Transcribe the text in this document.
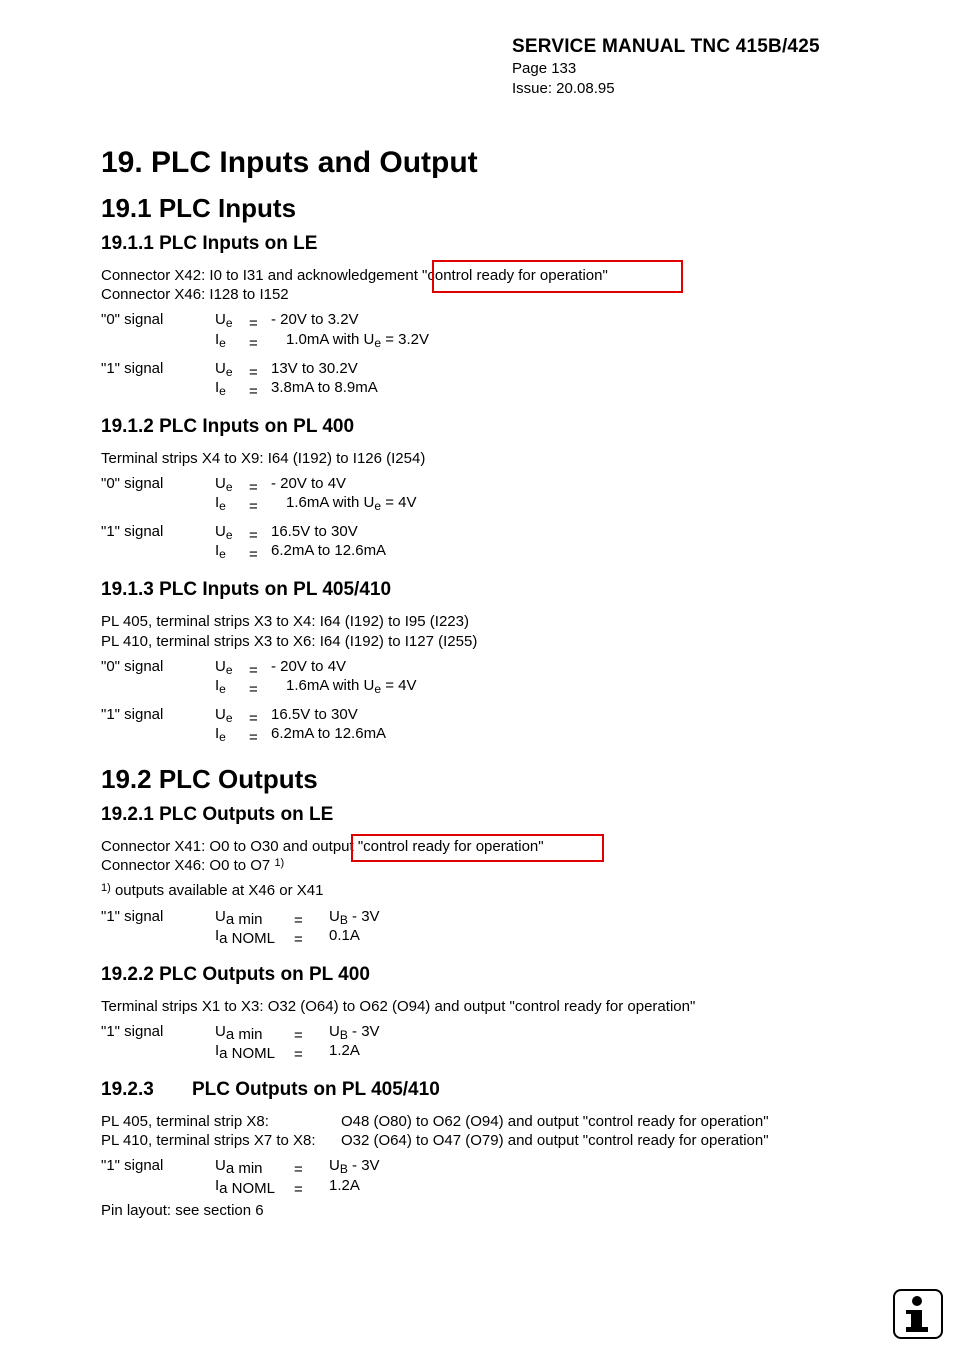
SERVICE MANUAL TNC 415B/425
Page 133
Issue: 20.08.95
19. PLC Inputs and Output
19.1 PLC Inputs
19.1.1 PLC Inputs on LE
Connector X42: I0 to I31 and acknowledgement "control ready for operation"
Connector X46: I128 to I152
"0" signal	$U_e$ = - 20V to 3.2V
$I_e = 1.0mA$ with $U_e = 3.2V$
"1" signal	$U_e = 13V$ to 30.2V
$I_e = 3.8mA$ to 8.9mA
19.1.2 PLC Inputs on PL 400
Terminal strips X4 to X9: I64 (I192) to I126 (I254)
"0" signal	$U_e$ = - 20V to 4V
$I_e = 1.6mA$ with $U_e = 4V$
"1" signal	$U_e = 16.5V$ to 30V
$I_e = 6.2mA$ to 12.6mA
19.1.3 PLC Inputs on PL 405/410
PL 405, terminal strips X3 to X4: I64 (I192) to I95 (I223)
PL 410, terminal strips X3 to X6: I64 (I192) to I127 (I255)
"0" signal	$U_e$ = - 20V to 4V
$I_e = 1.6mA$ with $U_e = 4V$
"1" signal	$U_e = 16.5V$ to 30V
$I_e = 6.2mA$ to 12.6mA
19.2 PLC Outputs
19.2.1 PLC Outputs on LE
Connector X41: O0 to O30 and output "control ready for operation"
Connector X46: O0 to O7 $^{1)}$
$^{1)}$ outputs available at X46 or X41
"1" signal	Ua $\min = U_B - 3V$
Ia NOML = 0.1A
19.2.2 PLC Outputs on PL 400
Terminal strips X1 to X3: O32 (O64) to O62 (O94) and output "control ready for operation"
"1" signal	Ua $\min = U_B - 3V$
Ia NOML = 1.2A
19.2.3 PLC Outputs on PL 405/410
PL 405, terminal strip X8:	O48 (O80) to O62 (O94) and output "control ready for operation"
PL 410, terminal strips X7 to X8: O32 (O64) to O47 (O79) and output "control ready for operation"
"1" signal	Ua $\min = U_B - 3V$
Ia NOML = 1.2A
Pin layout: see section 6
